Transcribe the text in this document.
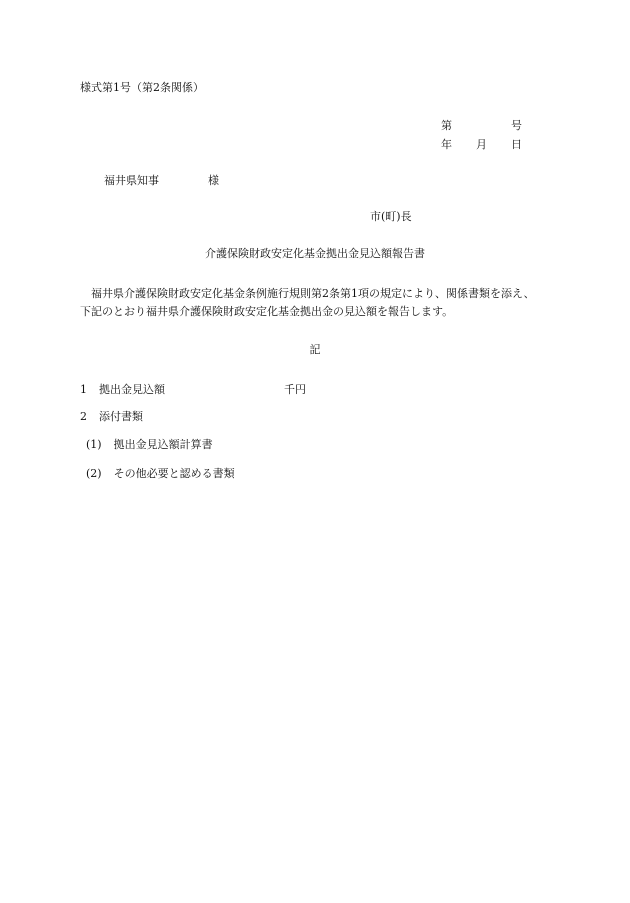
様式第1号（第2条関係）
第	号
年 月 日
福井県知事	様
市(町)長
介護保険財政安定化基金拠出金見込額報告書
福井県介護保険財政安定化基金条例施行規則第2条第1項の規定により、関係書類を添え、
下記のとおり福井県介護保険財政安定化基金拠出金の見込額を報告します。
記
1 拠出金見込額	千円
2 添付書類
(1) 拠出金見込額計算書
(2) その他必要と認める書類
